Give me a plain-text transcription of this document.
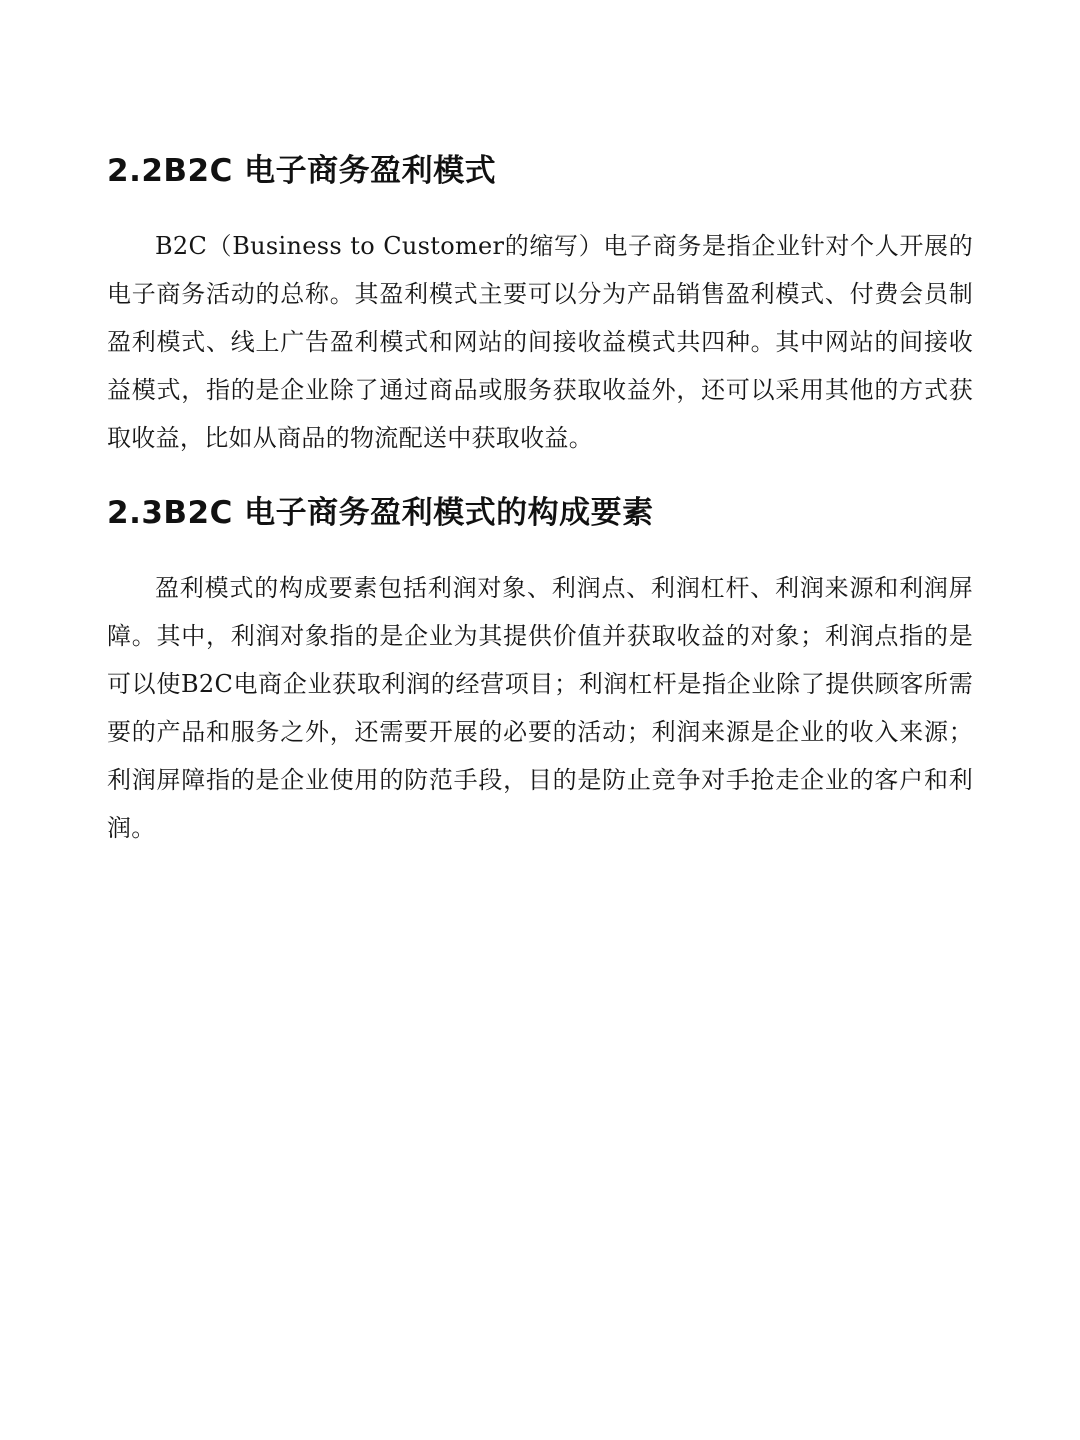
2.2B2C 电子商务盈利模式

B2C（Business to Customer的缩写）电子商务是指企业针对个人开展的电子商务活动的总称。其盈利模式主要可以分为产品销售盈利模式、付费会员制盈利模式、线上广告盈利模式和网站的间接收益模式共四种。其中网站的间接收益模式，指的是企业除了通过商品或服务获取收益外，还可以采用其他的方式获取收益，比如从商品的物流配送中获取收益。

2.3B2C 电子商务盈利模式的构成要素

盈利模式的构成要素包括利润对象、利润点、利润杠杆、利润来源和利润屏障。其中，利润对象指的是企业为其提供价值并获取收益的对象；利润点指的是可以使B2C电商企业获取利润的经营项目；利润杠杆是指企业除了提供顾客所需要的产品和服务之外，还需要开展的必要的活动；利润来源是企业的收入来源；利润屏障指的是企业使用的防范手段，目的是防止竞争对手抢走企业的客户和利润。
